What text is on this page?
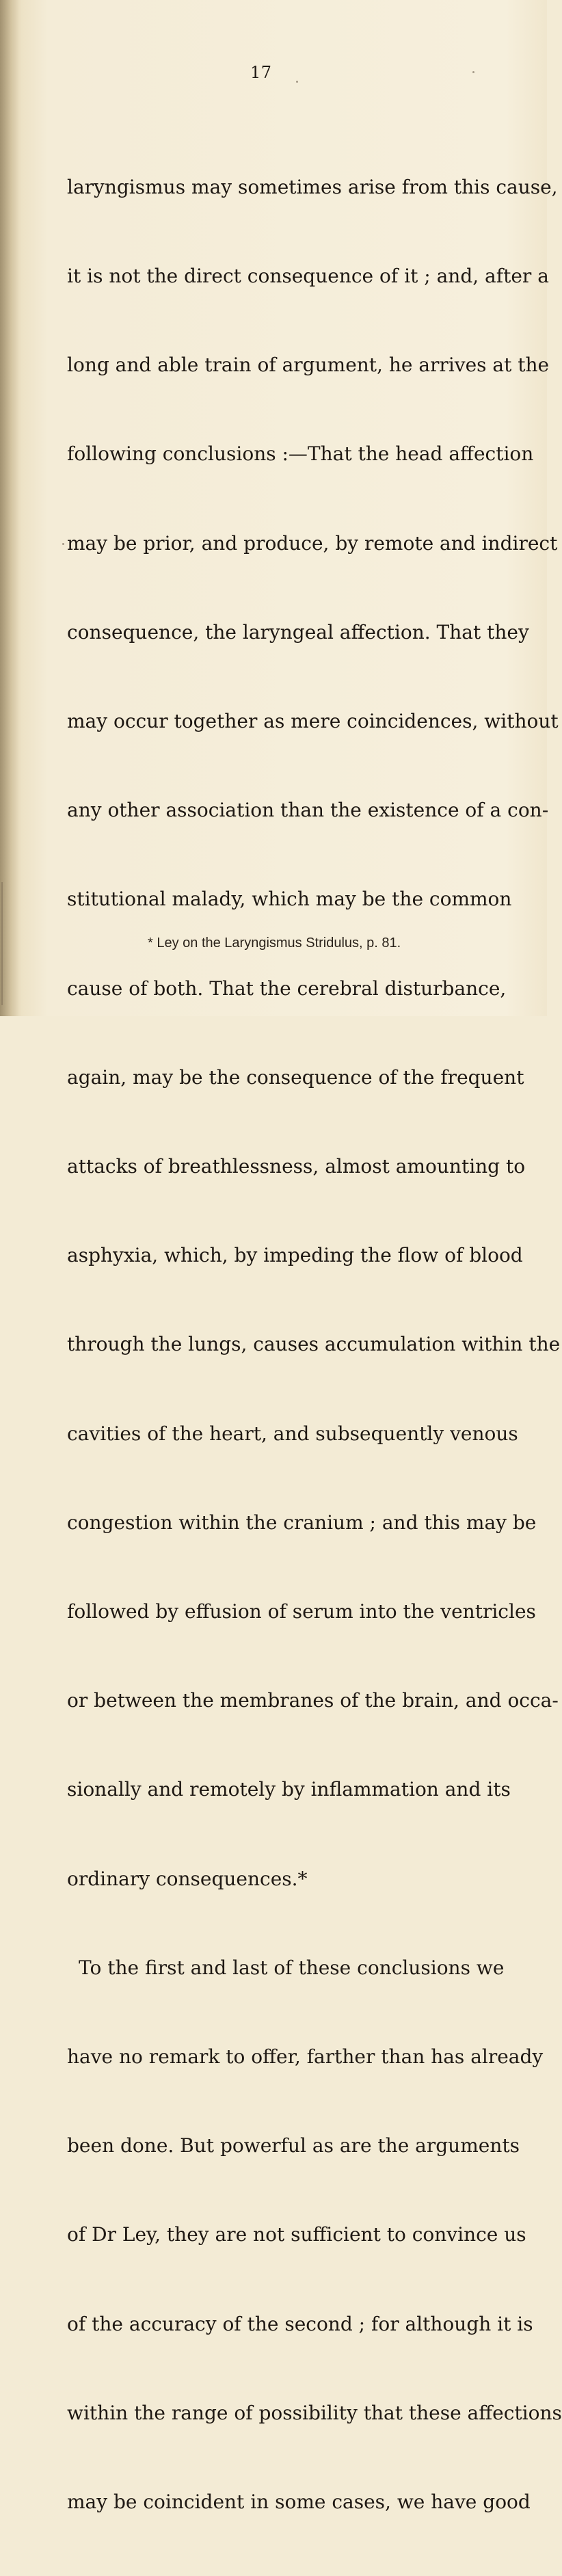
17

laryngismus may sometimes arise from this cause,

it is not the direct consequence of it ; and, after a

long and able train of argument, he arrives at the

following conclusions :—That the head affection

may be prior, and produce, by remote and indirect

consequence, the laryngeal affection. That they

may occur together as mere coincidences, without

any other association than the existence of a con-

stitutional malady, which may be the common

cause of both. That the cerebral disturbance,

again, may be the consequence of the frequent

attacks of breathlessness, almost amounting to

asphyxia, which, by impeding the flow of blood

through the lungs, causes accumulation within the

cavities of the heart, and subsequently venous

congestion within the cranium ; and this may be

followed by effusion of serum into the ventricles

or between the membranes of the brain, and occa-

sionally and remotely by inflammation and its

ordinary consequences.*

To the first and last of these conclusions we

have no remark to offer, farther than has already

been done. But powerful as are the arguments

of Dr Ley, they are not sufficient to convince us

of the accuracy of the second ; for although it is

within the range of possibility that these affections

may be coincident in some cases, we have good

* Ley on the Laryngismus Stridulus, p. 81.
